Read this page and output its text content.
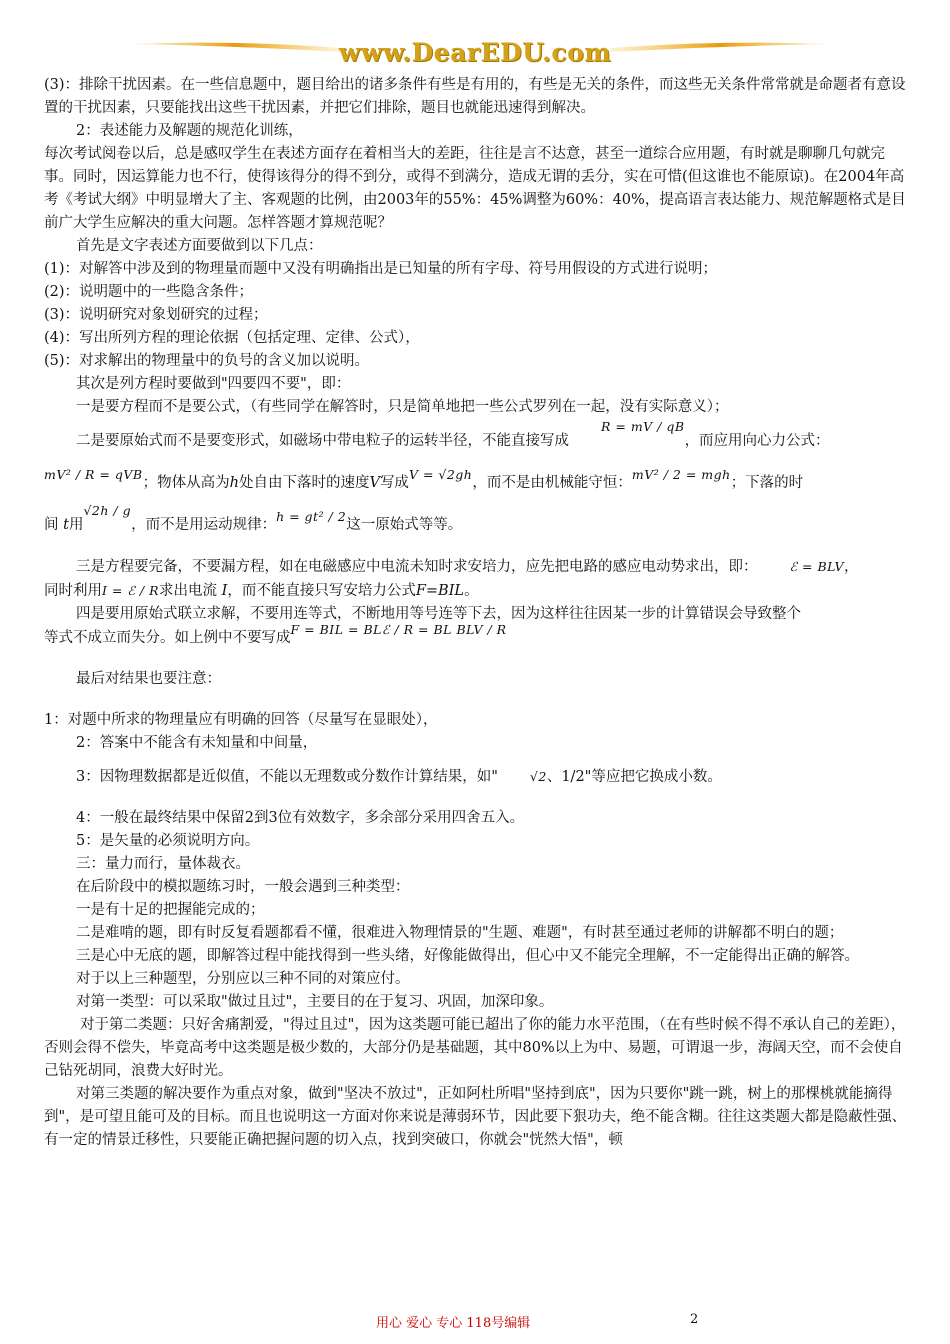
www.DearEDU.com

(3)：排除干扰因素。在一些信息题中，题目给出的诸多条件有些是有用的，有些是无关的条件，而这些无关条件常常就是命题者有意设置的干扰因素，只要能找出这些干扰因素，并把它们排除，题目也就能迅速得到解决。

2：表述能力及解题的规范化训练，

每次考试阅卷以后，总是感叹学生在表述方面存在着相当大的差距，往往是言不达意，甚至一道综合应用题，有时就是聊聊几句就完事。同时，因运算能力也不行，使得该得分的得不到分，或得不到满分，造成无谓的丢分，实在可惜(但这谁也不能原谅)。在2004年高考《考试大纲》中明显增大了主、客观题的比例，由2003年的55%：45%调整为60%：40%，提高语言表达能力、规范解题格式是目前广大学生应解决的重大问题。怎样答题才算规范呢？

首先是文字表述方面要做到以下几点：

(1)：对解答中涉及到的物理量而题中又没有明确指出是已知量的所有字母、符号用假设的方式进行说明；

(2)：说明题中的一些隐含条件；

(3)：说明研究对象划研究的过程；

(4)：写出所列方程的理论依据（包括定理、定律、公式），

(5)：对求解出的物理量中的负号的含义加以说明。

其次是列方程时要做到"四要四不要"，即：

一是要方程而不是要公式，（有些同学在解答时，只是简单地把一些公式罗列在一起，没有实际意义）；

二是要原始式而不是要变形式，如磁场中带电粒子的运转半径，不能直接写成R = mV / qB，而应用向心力公式：

mV² / R = qVB；物体从高为h处自由下落时的速度V写成V = √2gh，而不是由机械能守恒：mV² / 2 = mgh；下落的时

间 t用√2h / g，而不是用运动规律：h = gt² / 2这一原始式等等。

三是方程要完备，不要漏方程，如在电磁感应中电流未知时求安培力，应先把电路的感应电动势求出，即：	ℰ = BLV，

同时利用I = ℰ / R求出电流 I，而不能直接只写安培力公式F=BIL。

四是要用原始式联立求解，不要用连等式，不断地用等号连等下去，因为这样往往因某一步的计算错误会导致整个

等式不成立而失分。如上例中不要写成F = BIL = BLℰ / R = BL BLV / R

最后对结果也要注意：

1：对题中所求的物理量应有明确的回答（尽量写在显眼处），

2：答案中不能含有未知量和中间量，

3：因物理数据都是近似值，不能以无理数或分数作计算结果，如"	√2、1/2"等应把它换成小数。

4：一般在最终结果中保留2到3位有效数字，多余部分采用四舍五入。

5：是矢量的必须说明方向。

三：量力而行，量体裁衣。

在后阶段中的模拟题练习时，一般会遇到三种类型：

一是有十足的把握能完成的；

二是难啃的题，即有时反复看题都看不懂，很难进入物理情景的"生题、难题"，有时甚至通过老师的讲解都不明白的题；

三是心中无底的题，即解答过程中能找得到一些头绪，好像能做得出，但心中又不能完全理解，不一定能得出正确的解答。

对于以上三种题型，分别应以三种不同的对策应付。

对第一类型：可以采取"做过且过"，主要目的在于复习、巩固，加深印象。

对于第二类题：只好舍痛割爱，"得过且过"，因为这类题可能已超出了你的能力水平范围，（在有些时候不得不承认自己的差距），否则会得不偿失，毕竟高考中这类题是极少数的，大部分仍是基础题，其中80%以上为中、易题，可谓退一步，海阔天空，而不会使自己钻死胡同，浪费大好时光。

对第三类题的解决要作为重点对象，做到"坚决不放过"，正如阿杜所唱"坚持到底"，因为只要你"跳一跳，树上的那棵桃就能摘得到"，是可望且能可及的目标。而且也说明这一方面对你来说是薄弱环节，因此要下狠功夫，绝不能含糊。往往这类题大都是隐蔽性强、有一定的情景迁移性，只要能正确把握问题的切入点，找到突破口，你就会"恍然大悟"，顿

用心 爱心 专心 118号编辑	2
